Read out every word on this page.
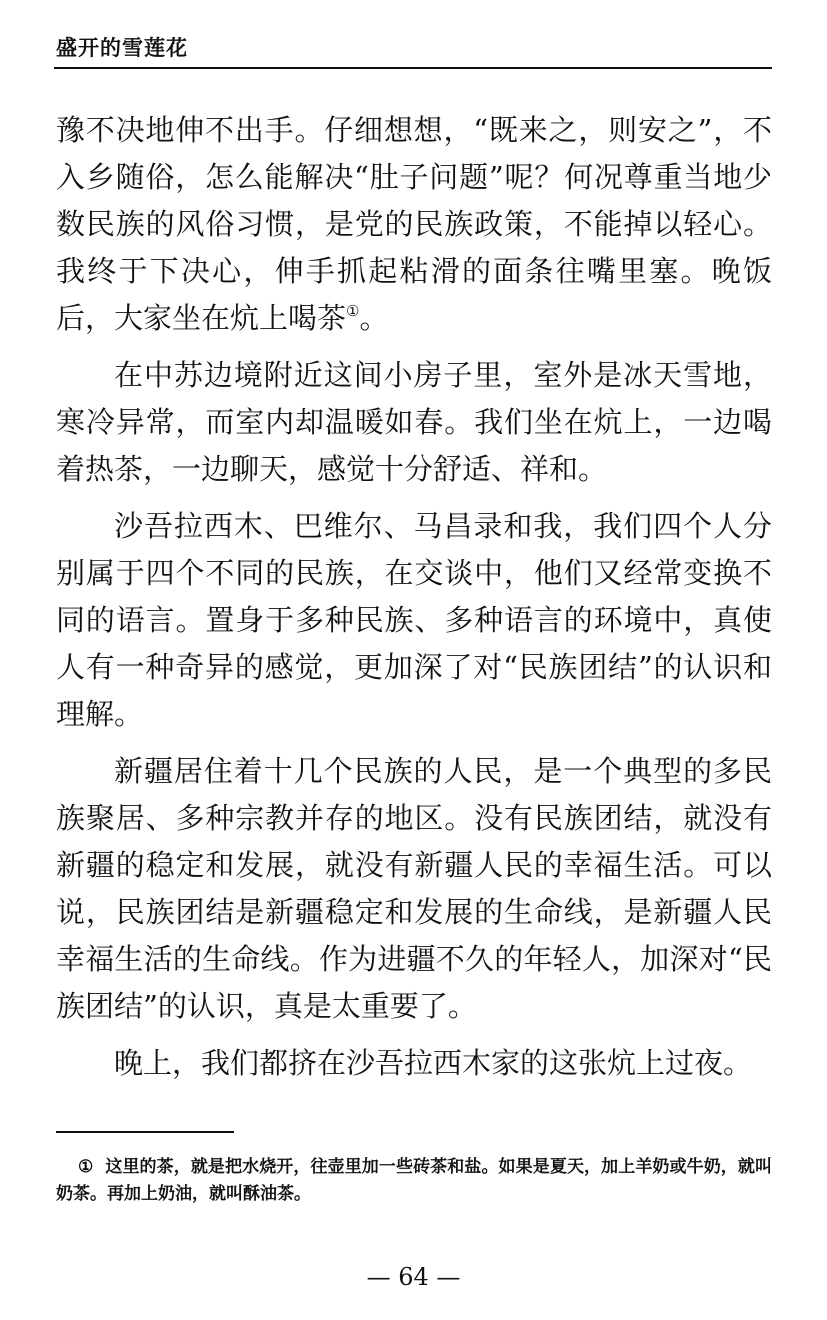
盛开的雪莲花

豫不决地伸不出手。仔细想想，“既来之，则安之”，不入乡随俗，怎么能解决“肚子问题”呢？何况尊重当地少数民族的风俗习惯，是党的民族政策，不能掉以轻心。我终于下决心，伸手抓起粘滑的面条往嘴里塞。晚饭后，大家坐在炕上喝茶①。

在中苏边境附近这间小房子里，室外是冰天雪地，寒冷异常，而室内却温暖如春。我们坐在炕上，一边喝着热茶，一边聊天，感觉十分舒适、祥和。

沙吾拉西木、巴维尔、马昌录和我，我们四个人分别属于四个不同的民族，在交谈中，他们又经常变换不同的语言。置身于多种民族、多种语言的环境中，真使人有一种奇异的感觉，更加深了对“民族团结”的认识和理解。

新疆居住着十几个民族的人民，是一个典型的多民族聚居、多种宗教并存的地区。没有民族团结，就没有新疆的稳定和发展，就没有新疆人民的幸福生活。可以说，民族团结是新疆稳定和发展的生命线，是新疆人民幸福生活的生命线。作为进疆不久的年轻人，加深对“民族团结”的认识，真是太重要了。

晚上，我们都挤在沙吾拉西木家的这张炕上过夜。

① 这里的茶，就是把水烧开，往壶里加一些砖茶和盐。如果是夏天，加上羊奶或牛奶，就叫奶茶。再加上奶油，就叫酥油茶。
— 64 —
